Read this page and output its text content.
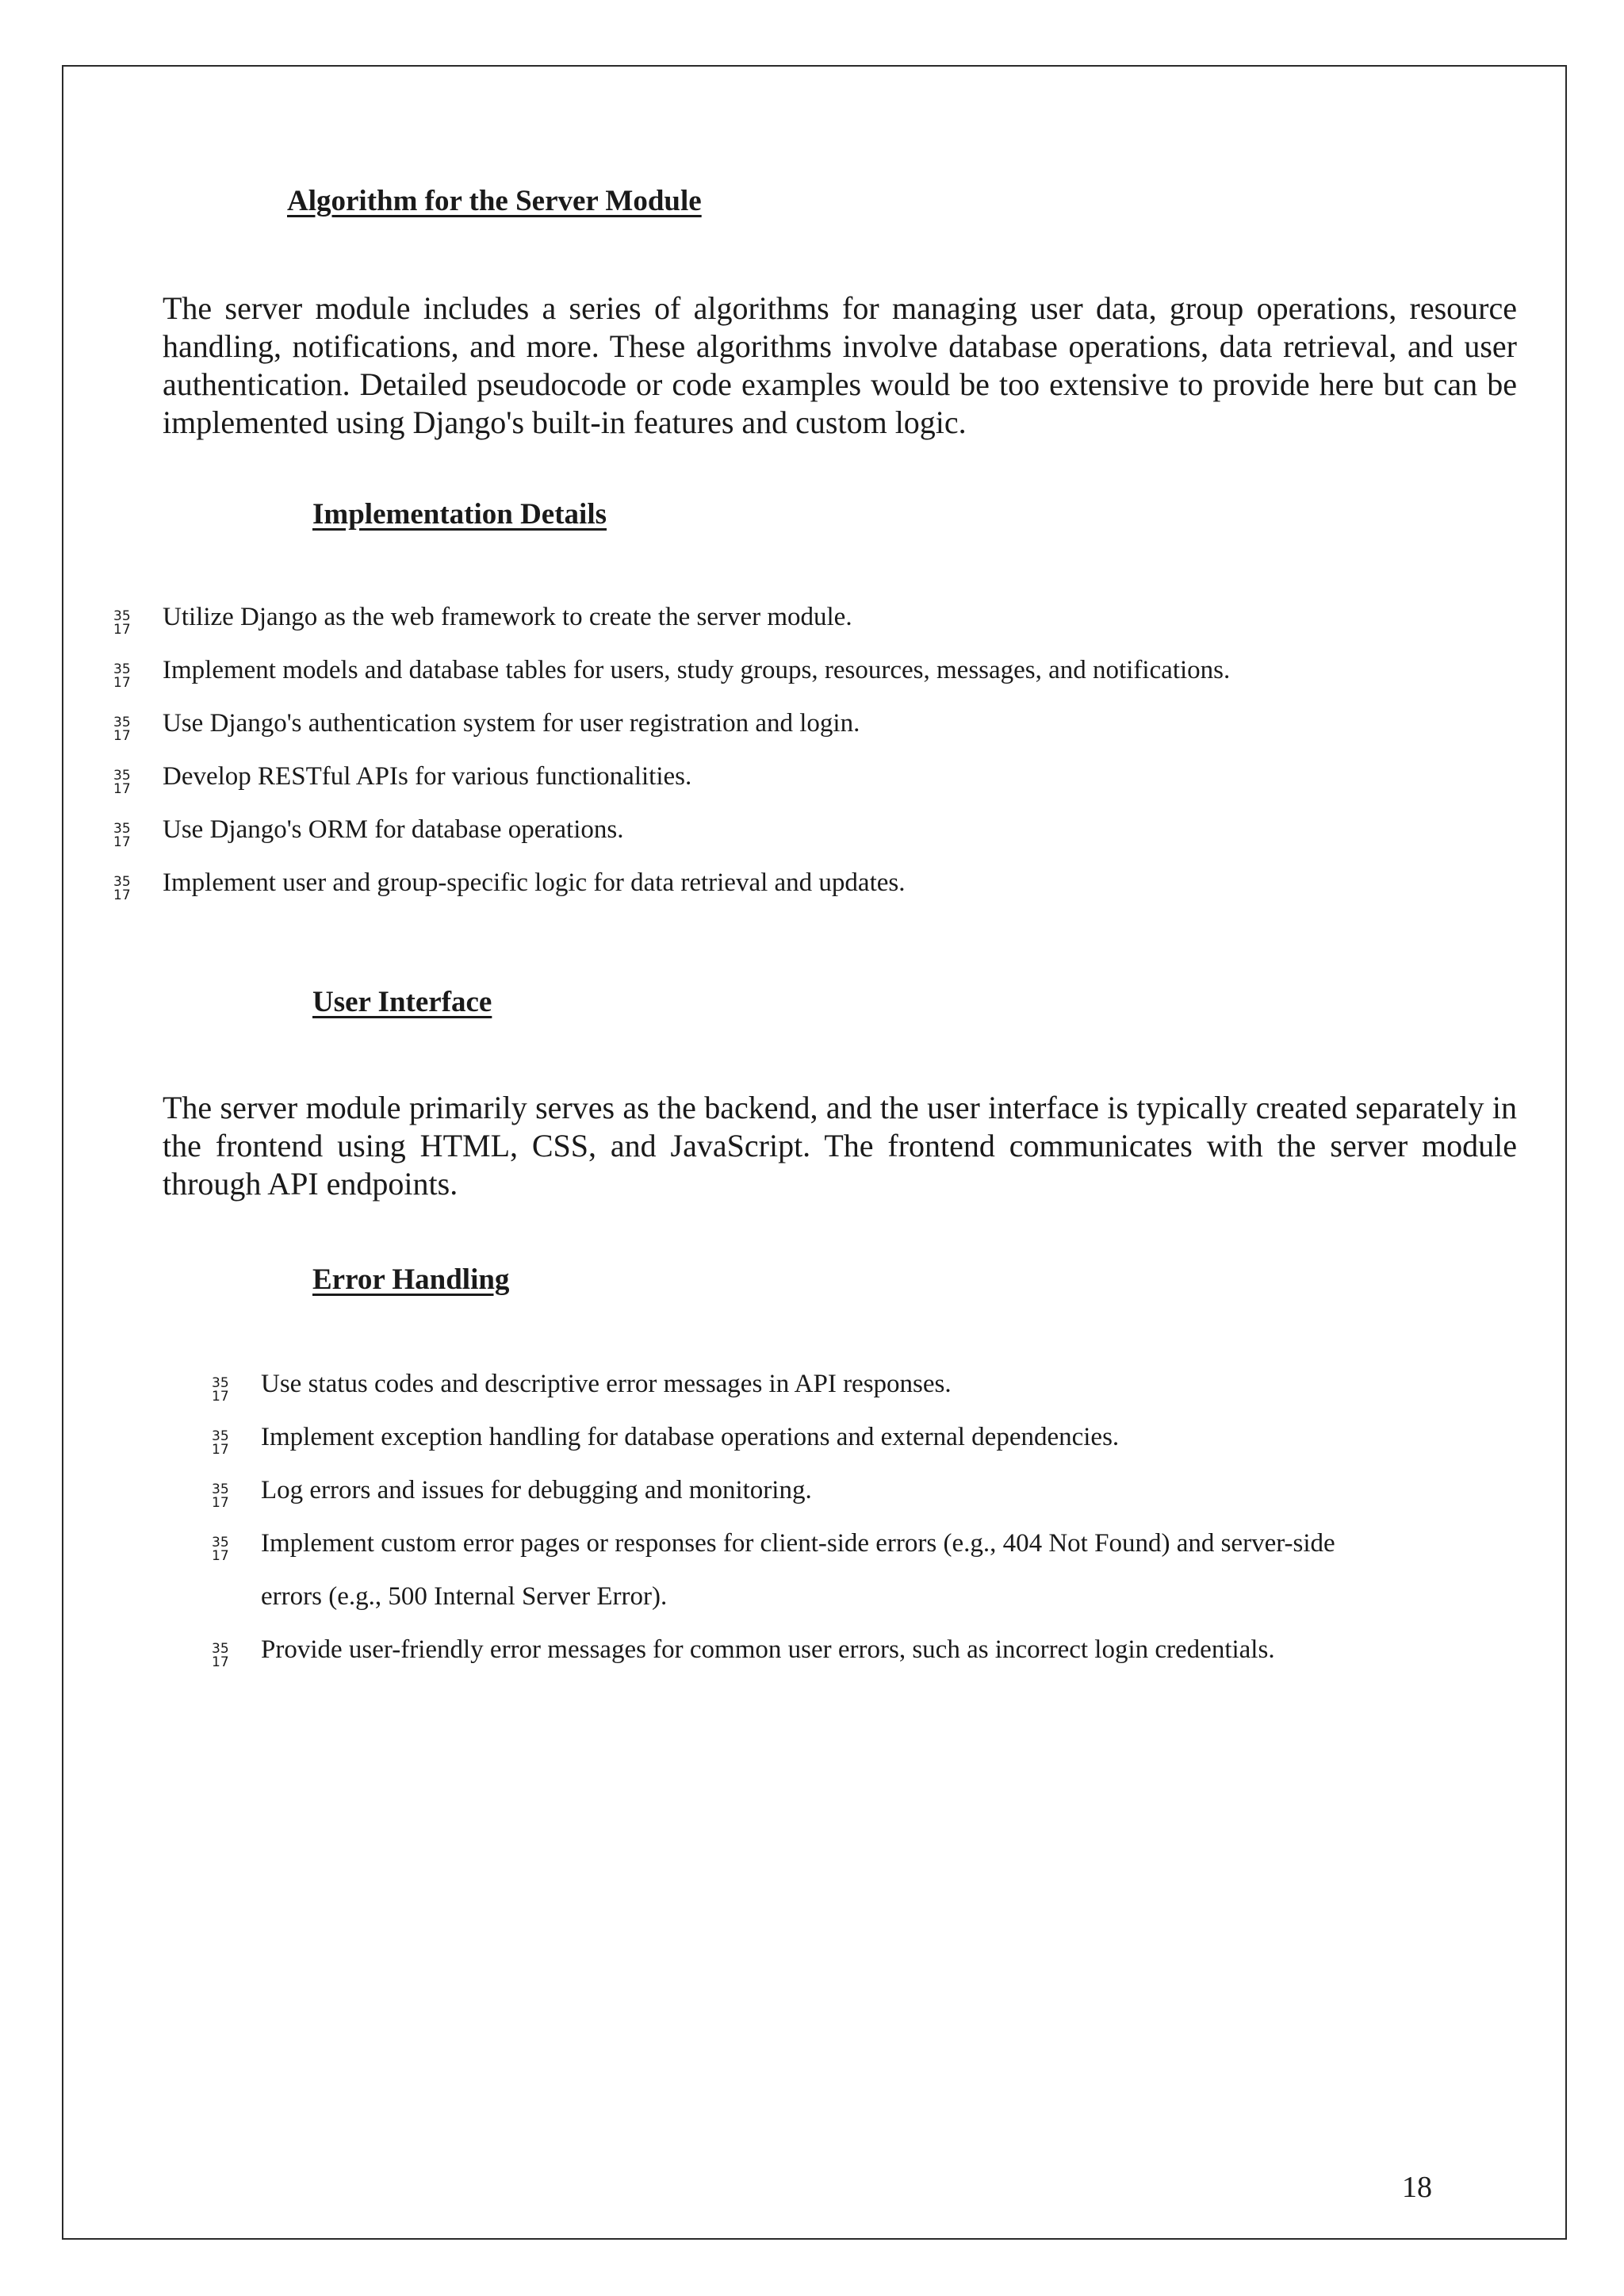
Algorithm for the Server Module

The server module includes a series of algorithms for managing user data, group operations, resource handling, notifications, and more. These algorithms involve database operations, data retrieval, and user authentication. Detailed pseudocode or code examples would be too extensive to provide here but can be implemented using Django's built-in features and custom logic.

Implementation Details
35
17 Utilize Django as the web framework to create the server module.
35
17 Implement models and database tables for users, study groups, resources, messages, and notifications.
35
17 Use Django's authentication system for user registration and login.
35
17 Develop RESTful APIs for various functionalities.
35
17 Use Django's ORM for database operations.
35
17 Implement user and group-specific logic for data retrieval and updates.
User Interface

The server module primarily serves as the backend, and the user interface is typically created separately in the frontend using HTML, CSS, and JavaScript. The frontend communicates with the server module through API endpoints.

Error Handling
35
17 Use status codes and descriptive error messages in API responses.
35
17 Implement exception handling for database operations and external dependencies.
35
17 Log errors and issues for debugging and monitoring.
35
17 Implement custom error pages or responses for client-side errors (e.g., 404 Not Found) and server-side
errors (e.g., 500 Internal Server Error).
35
17 Provide user-friendly error messages for common user errors, such as incorrect login credentials.

18
